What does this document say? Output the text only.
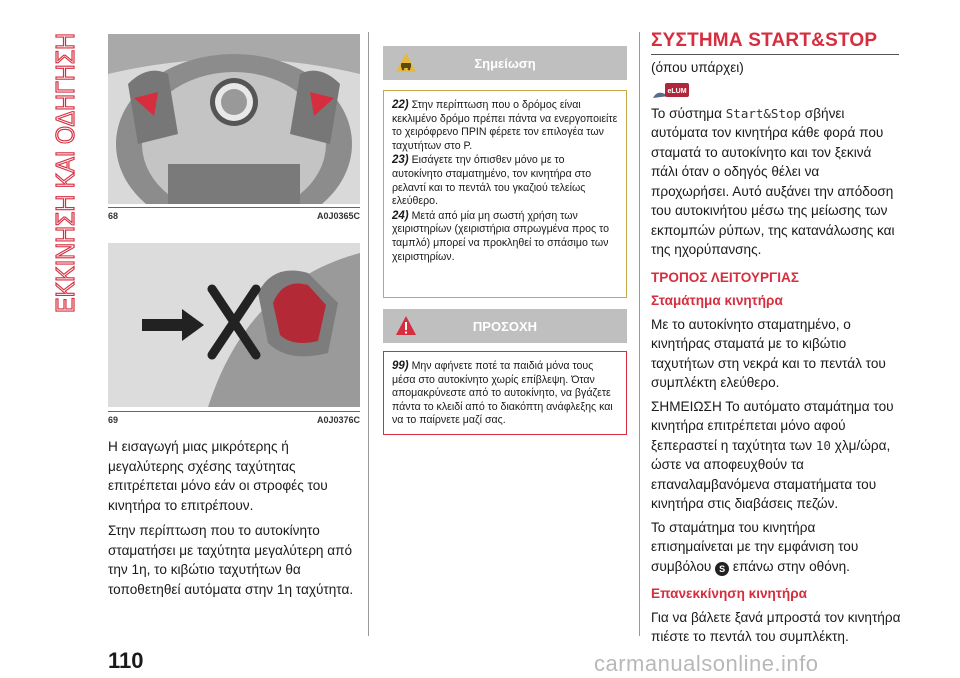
ΕΚΚΙΝΗΣΗ ΚΑΙ ΟΔΗΓΗΣΗ	68	A0J0365C
69	A0J0376C

Η εισαγωγή μιας μικρότερης ή μεγαλύτερης σχέσης ταχύτητας επιτρέπεται μόνο εάν οι στροφές του κινητήρα το επιτρέπουν.

Στην περίπτωση που το αυτοκίνητο σταματήσει με ταχύτητα μεγαλύτερη από την 1η, το κιβώτιο ταχυτήτων θα τοποθετηθεί αυτόματα στην 1η ταχύτητα.

Σημείωση

22) Στην περίπτωση που ο δρόμος είναι κεκλιμένο δρόμο πρέπει πάντα να ενεργοποιείτε το χειρόφρενο ΠΡΙΝ φέρετε τον επιλογέα των ταχυτήτων στο P.

23) Εισάγετε την όπισθεν μόνο με το αυτοκίνητο σταματημένο, τον κινητήρα στο ρελαντί και το πεντάλ του γκαζιού τελείως ελεύθερο.

24) Μετά από μία μη σωστή χρήση των χειριστηρίων (χειριστήρια σπρωγμένα προς το ταμπλό) μπορεί να προκληθεί το σπάσιμο των χειριστηρίων.

ΠΡΟΣΟΧΗ

99) Μην αφήνετε ποτέ τα παιδιά μόνα τους μέσα στο αυτοκίνητο χωρίς επίβλεψη. Όταν απομακρύνεστε από το αυτοκίνητο, να βγάζετε πάντα το κλειδί από το διακόπτη ανάφλεξης και να το παίρνετε μαζί σας.

ΣΥΣΤΗΜΑ START&STOP

(όπου υπάρχει)

eLUM

Το σύστημα Start&Stop σβήνει αυτόματα τον κινητήρα κάθε φορά που σταματά το αυτοκίνητο και τον ξεκινά πάλι όταν ο οδηγός θέλει να προχωρήσει. Αυτό αυξάνει την απόδοση του αυτοκινήτου μέσω της μείωσης των εκπομπών ρύπων, της κατανάλωσης και της ηχορύπανσης.

ΤΡΟΠΟΣ ΛΕΙΤΟΥΡΓΙΑΣ

Σταμάτημα κινητήρα

Με το αυτοκίνητο σταματημένο, ο κινητήρας σταματά με το κιβώτιο ταχυτήτων στη νεκρά και το πεντάλ του συμπλέκτη ελεύθερο.

ΣΗΜΕΙΩΣΗ Το αυτόματο σταμάτημα του κινητήρα επιτρέπεται μόνο αφού ξεπεραστεί η ταχύτητα των 10 χλμ/ώρα, ώστε να αποφευχθούν τα επαναλαμβανόμενα σταματήματα του κινητήρα στις διαβάσεις πεζών.

Το σταμάτημα του κινητήρα επισημαίνεται με την εμφάνιση του συμβόλου S επάνω στην οθόνη.

Επανεκκίνηση κινητήρα

Για να βάλετε ξανά μπροστά τον κινητήρα πιέστε το πεντάλ του συμπλέκτη.

110	carmanualsonline.info
